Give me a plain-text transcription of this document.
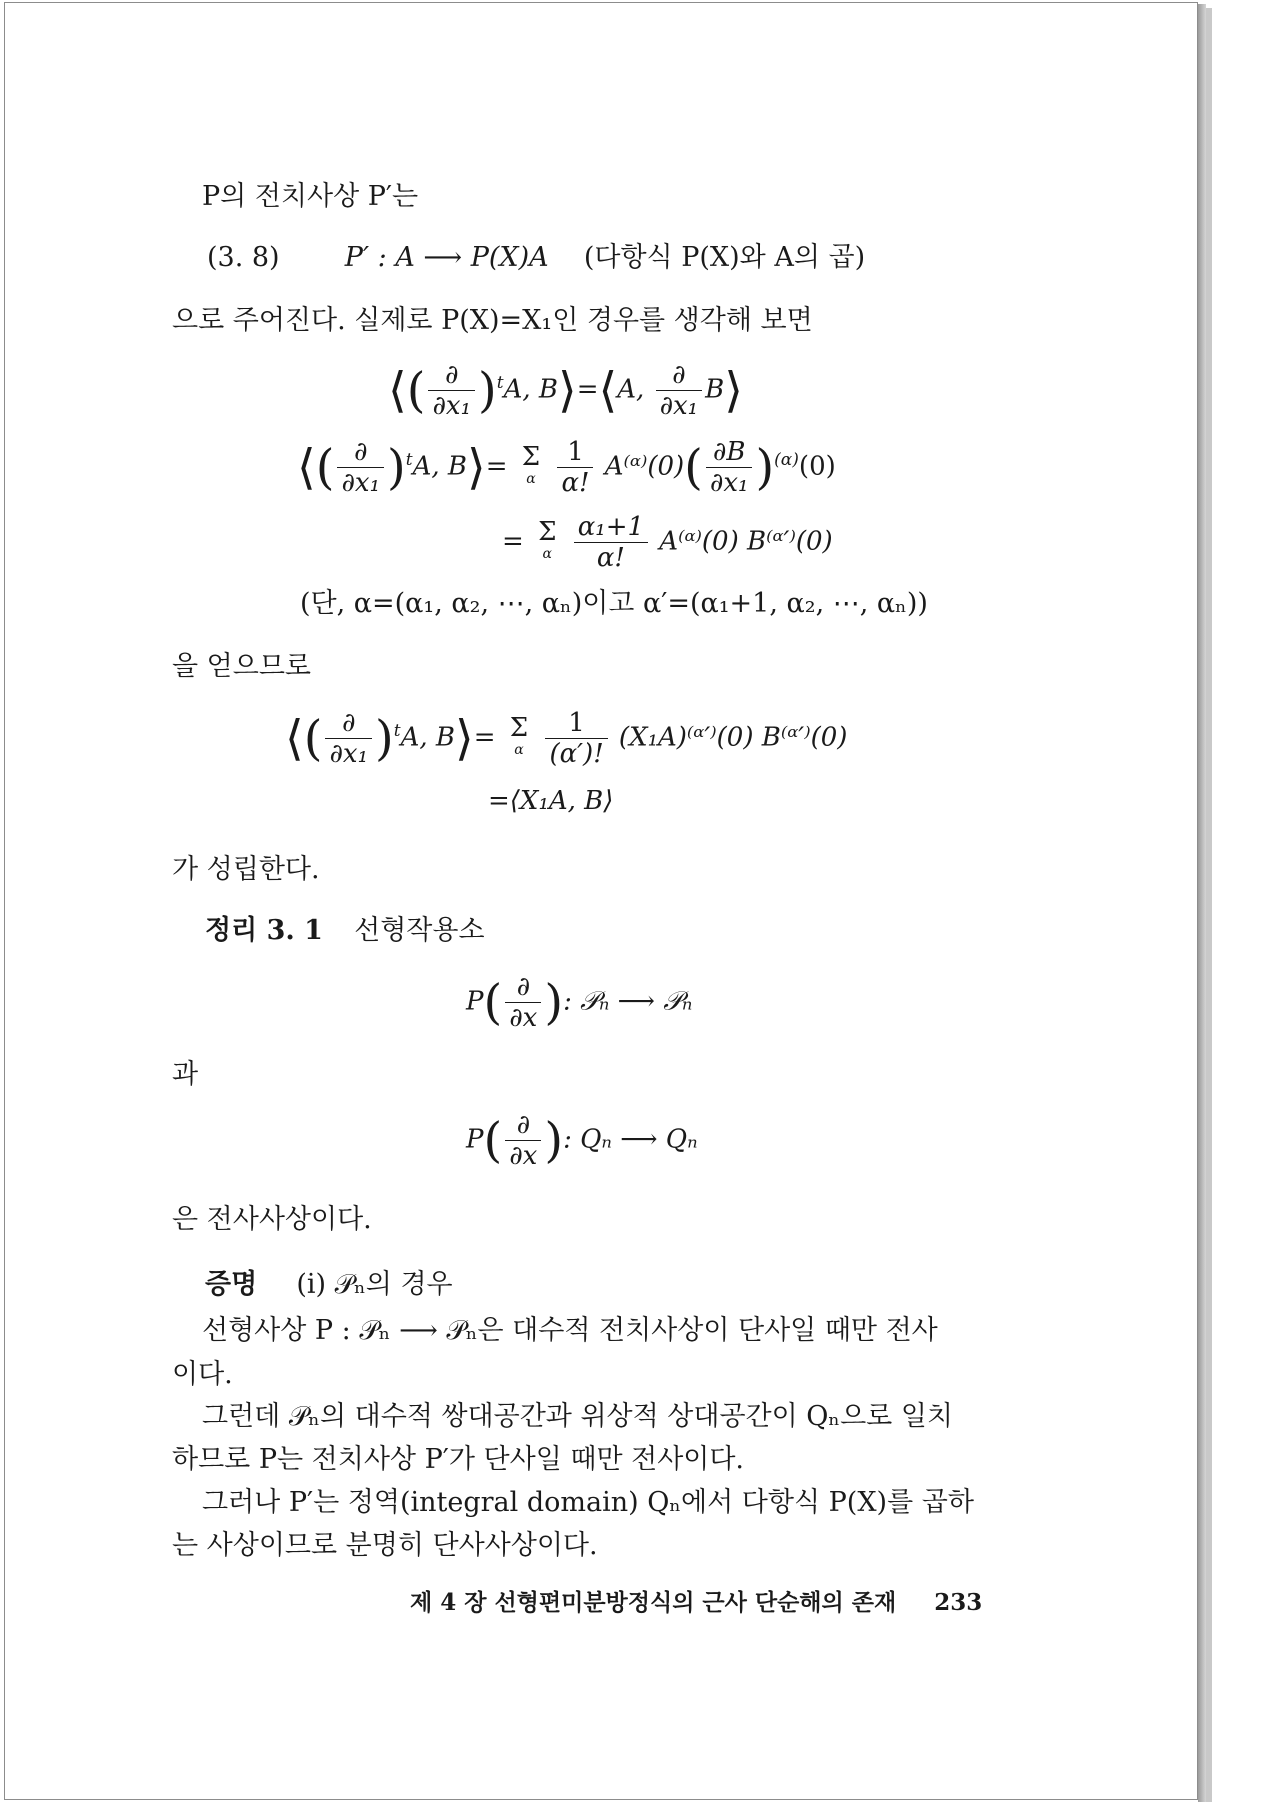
P의 전치사상 P′는
(3. 8) P′ : A ⟶ P(X)A (다항식 P(X)와 A의 곱)
으로 주어진다. 실제로 P(X)=X₁인 경우를 생각해 보면
⟨( $\frac{\partial}{\text{∂x₁}} )^tA$, B⟩=⟨A, $\frac{\partial}{\text{∂x₁}}$ B⟩
⟨( $\frac{\partial}{\text{∂x₁}} )^tA$, B⟩= Σ
α
$\frac{1}{\alpha!}$ A⁽ᵅ⁾(0)( $\frac{\partial B}{\text{∂x₁}} )^{(\alpha)}(0)$
= Σ
α
$\frac{\text{α₁+1}}{\alpha!}$ A⁽ᵅ⁾(0) B⁽ᵅ′⁾(0)
(단, α=(α₁, α₂, ⋯, αₙ)이고 α′=(α₁+1, α₂, ⋯, αₙ))
을 얻으므로
⟨( $\frac{\partial}{\text{∂x₁}} )^tA$, B⟩= Σ
α
$\frac{1}{(\alpha')!}$ (X₁A)⁽ᵅ′⁾(0) B⁽ᵅ′⁾(0)
=⟨X₁A, B⟩
가 성립한다.
정리 3. 1 선형작용소
$P( \frac{\partial}{\partial x}$ ): 𝒫ₙ ⟶ 𝒫ₙ
과
$P( \frac{\partial}{\partial x}$ ): Qₙ ⟶ Qₙ
은 전사사상이다.
증명 (i) 𝒫ₙ의 경우
선형사상 P : 𝒫ₙ ⟶ 𝒫ₙ은 대수적 전치사상이 단사일 때만 전사
이다.
그런데 𝒫ₙ의 대수적 쌍대공간과 위상적 상대공간이 Qₙ으로 일치
하므로 P는 전치사상 P′가 단사일 때만 전사이다.
그러나 P′는 정역(integral domain) Qₙ에서 다항식 P(X)를 곱하
는 사상이므로 분명히 단사사상이다.
제 4 장 선형편미분방정식의 근사 단순해의 존재 233
